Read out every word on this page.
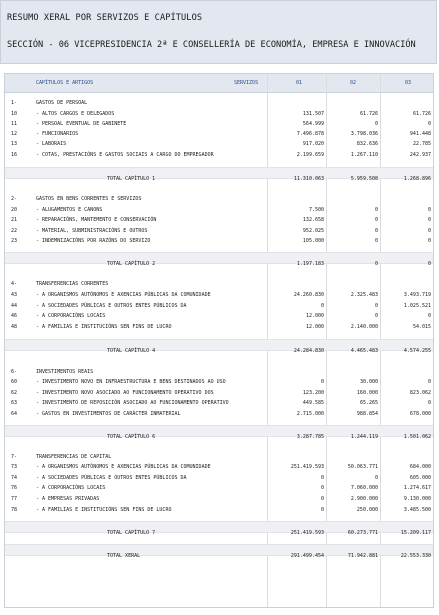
RESUMO XERAL POR SERVIZOS E CAPÍTULOS
SECCIÓN - 06 VICEPRESIDENCIA 2ª E CONSELLERÍA DE ECONOMÍA, EMPRESA E INNOVACIÓN
CAPÍTULOS E ARTIGOS	SERVIZOS	01	02	03
1-	GASTOS DE PERSOAL
10	- ALTOS CARGOS E DELEGADOS	131.507	61.726	61.726
11	- PERSOAL EVENTUAL DE GABINETE	564.999	0	0
12	- FUNCIONARIOS	7.496.878	3.798.036	941.448
13	- LABORAIS	917.020	832.636	22.785
16	- COTAS, PRESTACIÓNS E GASTOS SOCIAIS A CARGO DO EMPREGADOR	2.199.659	1.267.110	242.937
TOTAL CAPÍTULO 1	11.310.063	5.959.508	1.268.896
2-	GASTOS EN BENS CORRENTES E SERVIZOS
20	- ALUGAMENTOS E CANONS	7.500	0	0
21	- REPARACIÓNS, MANTEMENTO E CONSERVACIÓN	132.658	0	0
22	- MATERIAL, SUBMINISTRACIÓNS E OUTROS	952.025	0	0
23	- INDEMNIZACIÓNS POR RAZÓNS DO SERVIZO	105.000	0	0
TOTAL CAPÍTULO 2	1.197.183	0	0
4-	TRANSFERENCIAS CORRENTES
43	- A ORGANISMOS AUTÓNOMOS E AXENCIAS PÚBLICAS DA COMUNIDADE	24.260.830	2.325.483	3.493.719
44	- A SOCIEDADES PÚBLICAS E OUTROS ENTES PÚBLICOS DA	0	0	1.025.521
46	- A CORPORACIÓNS LOCAIS	12.000	0	0
48	- A FAMILIAS E INSTITUCIÓNS SEN FINS DE LUCRO	12.000	2.140.000	54.015
TOTAL CAPÍTULO 4	24.284.830	4.465.483	4.574.255
6-	INVESTIMENTOS REAIS
60	- INVESTIMENTO NOVO EN INFRAESTRUCTURA E BENS DESTINADOS AO USO	0	30.000	0
62	- INVESTIMENTO NOVO ASOCIADO AO FUNCIONAMENTO OPERATIVO DOS	123.200	160.000	823.062
63	- INVESTIMENTO DE REPOSICIÓN ASOCIADO AO FUNCIONAMENTO OPERATIVO	449.585	65.265	0
64	- GASTOS EN INVESTIMENTOS DE CARÁCTER INMATERIAL	2.715.000	988.854	678.000
TOTAL CAPÍTULO 6	3.287.785	1.244.119	1.501.062
7-	TRANSFERENCIAS DE CAPITAL
73	- A ORGANISMOS AUTÓNOMOS E AXENCIAS PÚBLICAS DA COMUNIDADE	251.419.593	50.063.771	684.000
74	- A SOCIEDADES PÚBLICAS E OUTROS ENTES PÚBLICOS DA	0	0	605.000
76	- A CORPORACIÓNS LOCAIS	0	7.060.000	1.274.617
77	- A EMPRESAS PRIVADAS	0	2.900.000	9.130.000
78	- A FAMILIAS E INSTITUCIÓNS SEN FINS DE LUCRO	0	250.000	3.485.500
TOTAL CAPÍTULO 7	251.419.593	60.273.771	15.209.117
TOTAL XERAL	291.499.454	71.942.881	22.553.330
